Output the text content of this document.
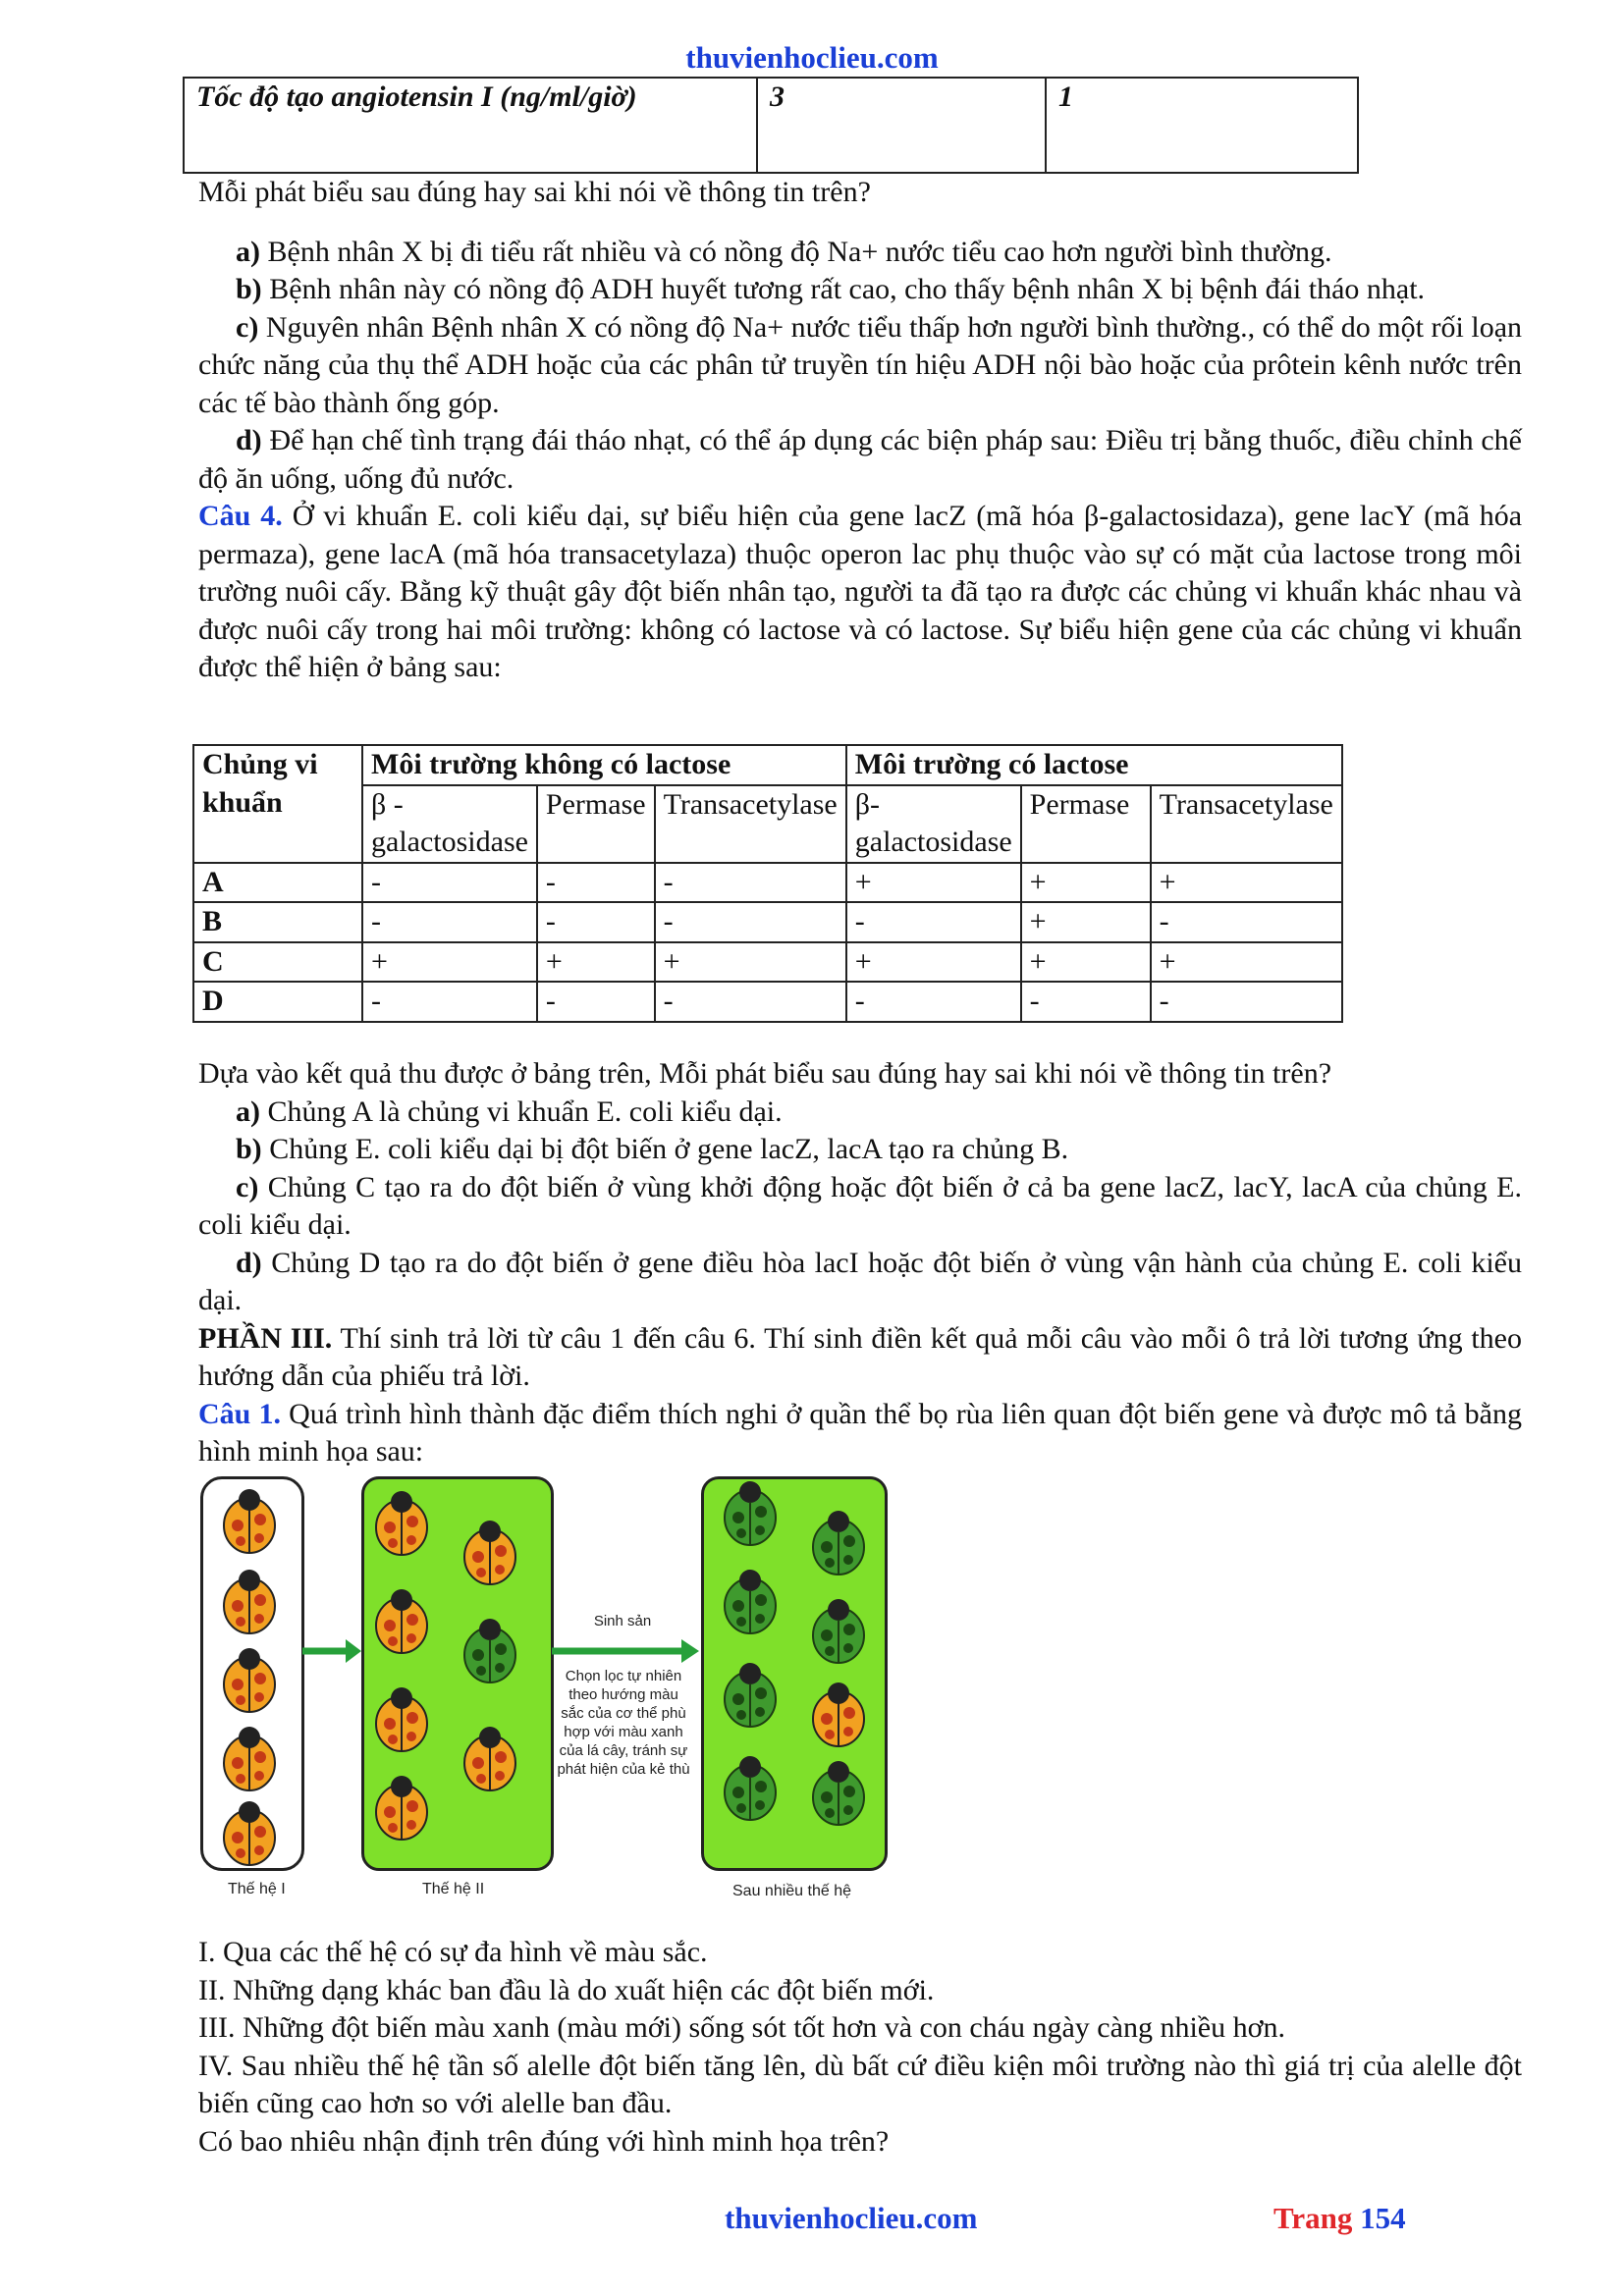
thuvienhoclieu.com
Tốc độ tạo angiotensin I (ng/ml/giờ)	3	1

Mỗi phát biểu sau đúng hay sai khi nói về thông tin trên?

a) Bệnh nhân X bị đi tiểu rất nhiều và có nồng độ Na+ nước tiểu cao hơn người bình thường.

b) Bệnh nhân này có nồng độ ADH huyết tương rất cao, cho thấy bệnh nhân X bị bệnh đái tháo nhạt.

c) Nguyên nhân Bệnh nhân X có nồng độ Na+ nước tiểu thấp hơn người bình thường., có thể do một rối loạn chức năng của thụ thể ADH hoặc của các phân tử truyền tín hiệu ADH nội bào hoặc của prôtein kênh nước trên các tế bào thành ống góp.

d) Để hạn chế tình trạng đái tháo nhạt, có thể áp dụng các biện pháp sau: Điều trị bằng thuốc, điều chỉnh chế độ ăn uống, uống đủ nước.

Câu 4. Ở vi khuẩn E. coli kiểu dại, sự biểu hiện của gene lacZ (mã hóa β-galactosidaza), gene lacY (mã hóa permaza), gene lacA (mã hóa transacetylaza) thuộc operon lac phụ thuộc vào sự có mặt của lactose trong môi trường nuôi cấy. Bằng kỹ thuật gây đột biến nhân tạo, người ta đã tạo ra được các chủng vi khuẩn khác nhau và được nuôi cấy trong hai môi trường: không có lactose và có lactose. Sự biểu hiện gene của các chủng vi khuẩn được thể hiện ở bảng sau:

Chủng vi khuẩn	Môi trường không có lactose			Môi trường có lactose		
	β - galactosidase	Permase	Transacetylase	β- galactosidase	Permase	Transacetylase
A	-	-	-	+	+	+
B	-	-	-	-	+	-
C	+	+	+	+	+	+
D	-	-	-	-	-	-

Dựa vào kết quả thu được ở bảng trên, Mỗi phát biểu sau đúng hay sai khi nói về thông tin trên?

a) Chủng A là chủng vi khuẩn E. coli kiểu dại.

b) Chủng E. coli kiểu dại bị đột biến ở gene lacZ, lacA tạo ra chủng B.

c) Chủng C tạo ra do đột biến ở vùng khởi động hoặc đột biến ở cả ba gene lacZ, lacY, lacA của chủng E. coli kiểu dại.

d) Chủng D tạo ra do đột biến ở gene điều hòa lacI hoặc đột biến ở vùng vận hành của chủng E. coli kiểu dại.

PHẦN III. Thí sinh trả lời từ câu 1 đến câu 6. Thí sinh điền kết quả mỗi câu vào mỗi ô trả lời tương ứng theo hướng dẫn của phiếu trả lời.

Câu 1. Quá trình hình thành đặc điểm thích nghi ở quần thể bọ rùa liên quan đột biến gene và được mô tả bằng hình minh họa sau:

Sinh sản
Chọn lọc tự nhiên theo hướng màu sắc của cơ thể phù hợp với màu xanh của lá cây, tránh sự phát hiện của kẻ thù
Thế hệ I	Thế hệ II	Sau nhiều thế hệ

I. Qua các thế hệ có sự đa hình về màu sắc.

II. Những dạng khác ban đầu là do xuất hiện các đột biến mới.

III. Những đột biến màu xanh (màu mới) sống sót tốt hơn và con cháu ngày càng nhiều hơn.

IV. Sau nhiều thế hệ tần số alelle đột biến tăng lên, dù bất cứ điều kiện môi trường nào thì giá trị của alelle đột biến cũng cao hơn so với alelle ban đầu.

Có bao nhiêu nhận định trên đúng với hình minh họa trên?

thuvienhoclieu.com	Trang 154
